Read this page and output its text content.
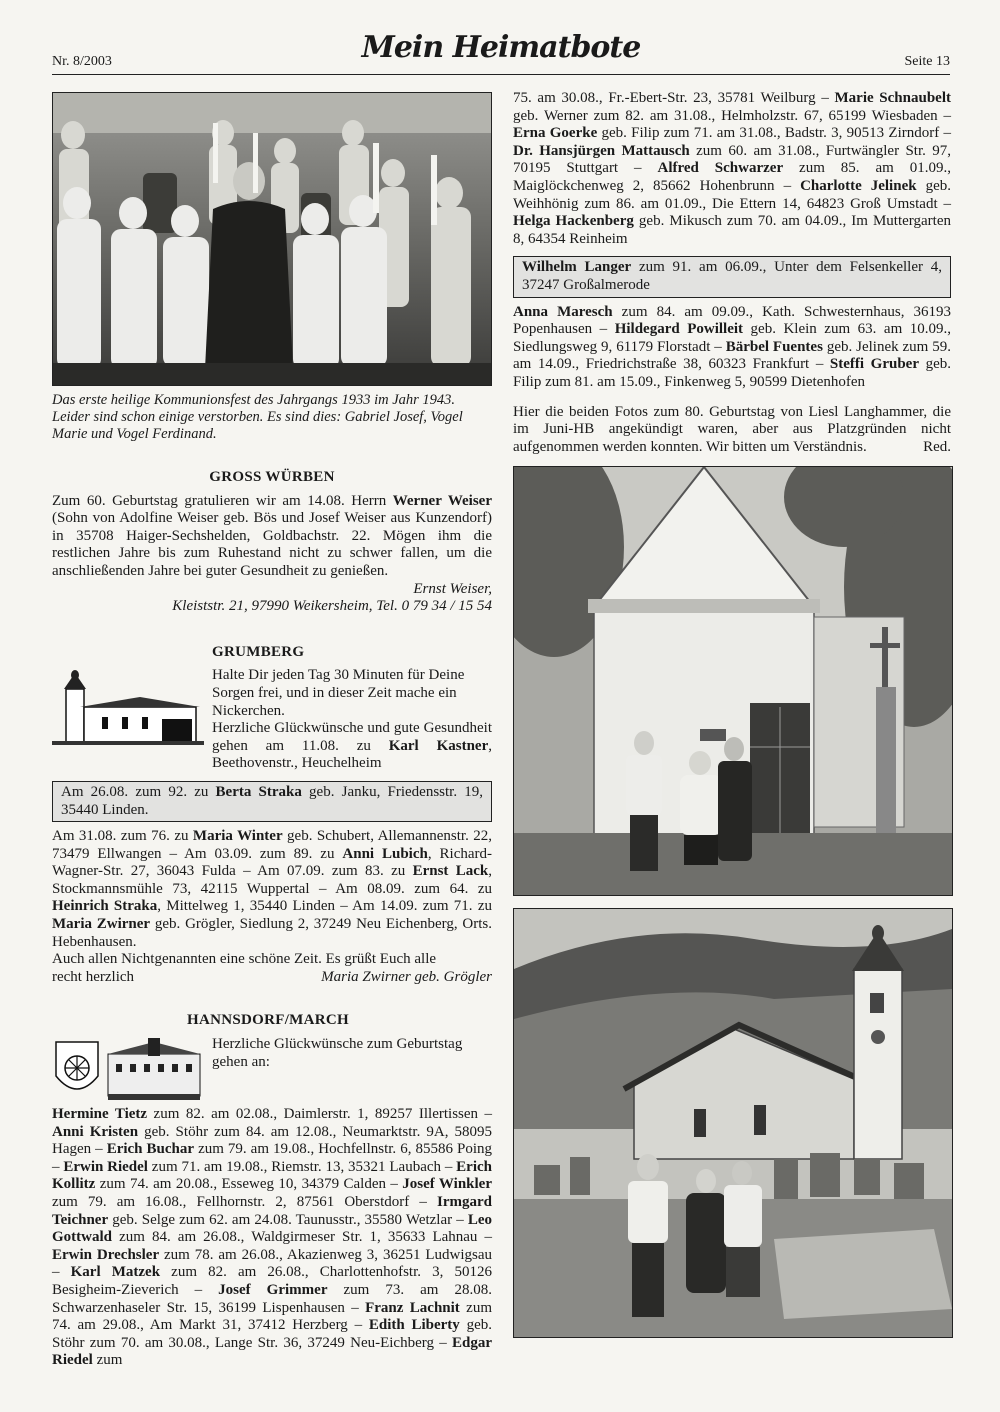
Nr. 8/2003	Mein Heimatbote	Seite 13
Das erste heilige Kommunionsfest des Jahrgangs 1933 im Jahr 1943. Leider sind schon einige verstorben. Es sind dies: Gabriel Josef, Vogel Marie und Vogel Ferdinand.
GROSS WÜRBEN

Zum 60. Geburtstag gratulieren wir am 14.08. Herrn Werner Weiser (Sohn von Adolfine Weiser geb. Bös und Josef Weiser aus Kunzendorf) in 35708 Haiger-Sechshelden, Goldbachstr. 22. Mögen ihm die restlichen Jahre bis zum Ruhestand nicht zu schwer fallen, um die anschließenden Jahre bei guter Gesundheit zu genießen.

Ernst Weiser,

Kleiststr. 21, 97990 Weikersheim, Tel. 0 79 34 / 15 54

GRUMBERG

Halte Dir jeden Tag 30 Minuten für Deine Sorgen frei, und in dieser Zeit mache ein Nickerchen.

Herzliche Glückwünsche und gute Gesundheit gehen am 11.08. zu Karl Kastner, Beethovenstr., Heuchelheim

Am 26.08. zum 92. zu Berta Straka geb. Janku, Friedensstr. 19, 35440 Linden.

Am 31.08. zum 76. zu Maria Winter geb. Schubert, Allemannenstr. 22, 73479 Ellwangen – Am 03.09. zum 89. zu Anni Lubich, Richard-Wagner-Str. 27, 36043 Fulda – Am 07.09. zum 83. zu Ernst Lack, Stockmannsmühle 73, 42115 Wuppertal – Am 08.09. zum 64. zu Heinrich Straka, Mittelweg 1, 35440 Linden – Am 14.09. zum 71. zu Maria Zwirner geb. Grögler, Siedlung 2, 37249 Neu Eichenberg, Orts. Hebenhausen.

Auch allen Nichtgenannten eine schöne Zeit. Es grüßt Euch alle

recht herzlich	Maria Zwirner geb. Grögler

HANNSDORF/MARCH

Herzliche Glückwünsche zum Geburtstag gehen an:

Hermine Tietz zum 82. am 02.08., Daimlerstr. 1, 89257 Illertissen – Anni Kristen geb. Stöhr zum 84. am 12.08., Neumarktstr. 9A, 58095 Hagen – Erich Buchar zum 79. am 19.08., Hochfellnstr. 6, 85586 Poing – Erwin Riedel zum 71. am 19.08., Riemstr. 13, 35321 Laubach – Erich Kollitz zum 74. am 20.08., Esseweg 10, 34379 Calden – Josef Winkler zum 79. am 16.08., Fellhornstr. 2, 87561 Oberstdorf – Irmgard Teichner geb. Selge zum 62. am 24.08. Taunusstr., 35580 Wetzlar – Leo Gottwald zum 84. am 26.08., Waldgirmeser Str. 1, 35633 Lahnau – Erwin Drechsler zum 78. am 26.08., Akazienweg 3, 36251 Ludwigsau – Karl Matzek zum 82. am 26.08., Charlottenhofstr. 3, 50126 Besigheim-Zieverich – Josef Grimmer zum 73. am 28.08. Schwarzenhaseler Str. 15, 36199 Lispenhausen – Franz Lachnit zum 74. am 29.08., Am Markt 31, 37412 Herzberg – Edith Liberty geb. Stöhr zum 70. am 30.08., Lange Str. 36, 37249 Neu-Eichberg – Edgar Riedel zum

75. am 30.08., Fr.-Ebert-Str. 23, 35781 Weilburg – Marie Schnaubelt geb. Werner zum 82. am 31.08., Helmholzstr. 67, 65199 Wiesbaden – Erna Goerke geb. Filip zum 71. am 31.08., Badstr. 3, 90513 Zirndorf – Dr. Hansjürgen Mattausch zum 60. am 31.08., Furtwängler Str. 97, 70195 Stuttgart – Alfred Schwarzer zum 85. am 01.09., Maiglöckchenweg 2, 85662 Hohenbrunn – Charlotte Jelinek geb. Weihhönig zum 86. am 01.09., Die Ettern 14, 64823 Groß Umstadt – Helga Hackenberg geb. Mikusch zum 70. am 04.09., Im Muttergarten 8, 64354 Reinheim

Wilhelm Langer zum 91. am 06.09., Unter dem Felsenkeller 4, 37247 Großalmerode

Anna Maresch zum 84. am 09.09., Kath. Schwesternhaus, 36193 Popenhausen – Hildegard Powilleit geb. Klein zum 63. am 10.09., Siedlungsweg 9, 61179 Florstadt – Bärbel Fuentes geb. Jelinek zum 59. am 14.09., Friedrichstraße 38, 60323 Frankfurt – Steffi Gruber geb. Filip zum 81. am 15.09., Finkenweg 5, 90599 Dietenhofen

Hier die beiden Fotos zum 80. Geburtstag von Liesl Langhammer, die im Juni-HB angekündigt waren, aber aus Platzgründen nicht aufgenommen werden konnten. Wir bitten um Verständnis.	Red.
